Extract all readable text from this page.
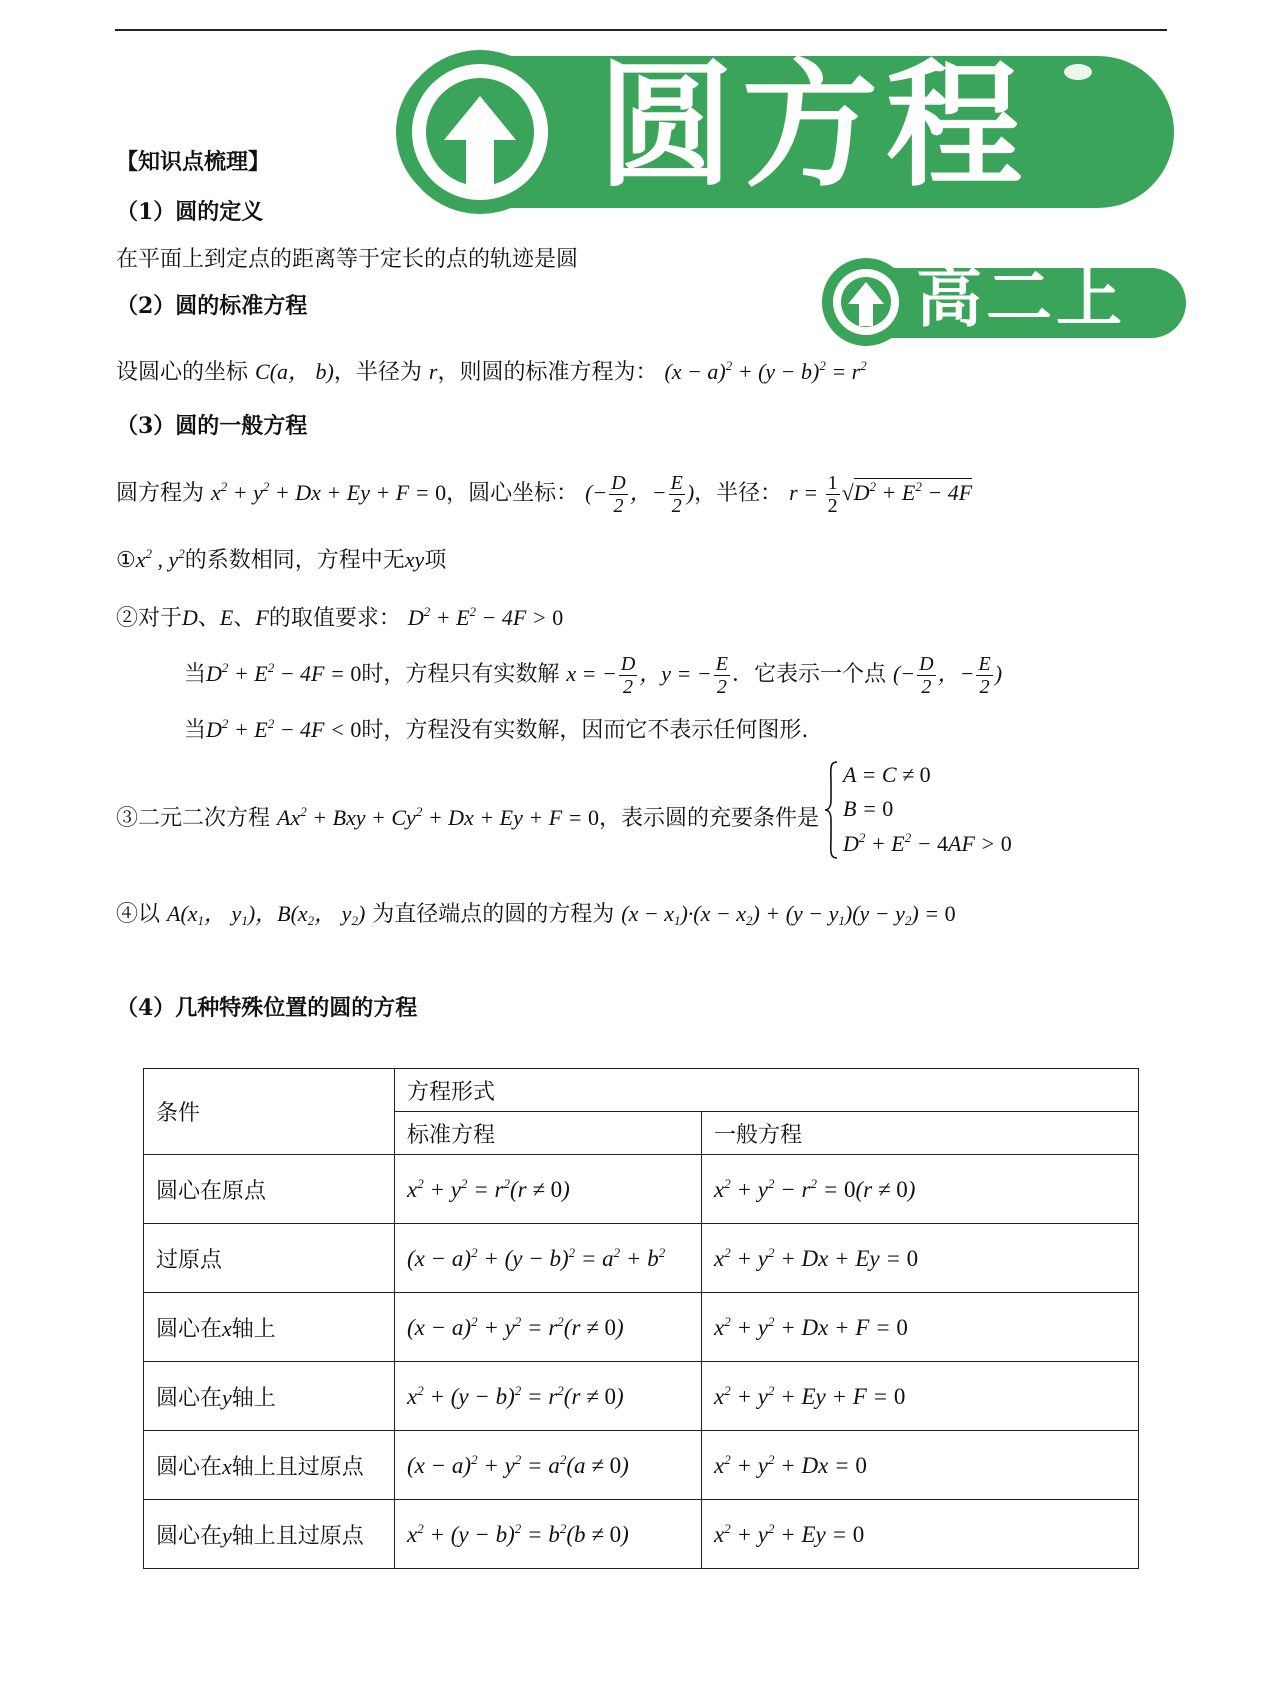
圆方程
高二上
【知识点梳理】
（1）圆的定义
在平面上到定点的距离等于定长的点的轨迹是圆
（2）圆的标准方程
设圆心的坐标 C(a， b)，半径为 r，则圆的标准方程为： $(x - a)^2 + (y - b)^2 = r^2$
（3）圆的一般方程
圆方程为 $x^2 + y^2 + Dx + Ey + F = 0$，圆心坐标： (− $\frac{D}{2}$ ，− $\frac{E}{2}$ )，半径： $r = \frac{1}{2} √D^2 + E^2 - 4F$
$①x^2$ , $y^2$的系数相同，方程中无xy项
②对于D、E、F的取值要求： $D^2 + E^2 - 4F > 0$
当$D^2 + E^2 - 4F = 0$时，方程只有实数解 x = − $\frac{D}{2}$ ，y = − $\frac{E}{2}$ ．它表示一个点 (− $\frac{D}{2}$ ，− $\frac{E}{2}$ )
当$D^2 + E^2 - 4F < 0$时，方程没有实数解，因而它不表示任何图形.
③二元二次方程 $Ax^2$ + Bxy + $Cy^2 + Dx + Ey + F = 0$，表示圆的充要条件是
A = C ≠ 0
B = 0
$D^2 + E^2 - 4AF > 0$
④以 $A(x_1$， $y_1$)，$B(x_2$， $y_2$) 为直径端点的圆的方程为 $(x - x_1)\cdot(x - x_2) + (y - y_1)(y - y_2) = 0$
（4）几种特殊位置的圆的方程
条件	方程形式	
	标准方程	一般方程
圆心在原点	$x^2 + y^2 = r^2(r \ne 0)$	$x^2 + y^2 - r^2 = 0(r \ne 0)$
过原点	$(x - a)^2 + (y - b)^2 = a^2 + b^2$	$x^2 + y^2 + Dx + Ey = 0$
圆心在x轴上	$(x - a)^2 + y^2 = r^2(r \ne 0)$	$x^2 + y^2 + Dx + F = 0$
圆心在y轴上	$x^2 + (y - b)^2 = r^2(r \ne 0)$	$x^2 + y^2 + Ey + F = 0$
圆心在x轴上且过原点	$(x - a)^2 + y^2 = a^2(a \ne 0)$	$x^2 + y^2 + Dx = 0$
圆心在y轴上且过原点	$x^2 + (y - b)^2 = b^2(b \ne 0)$	$x^2 + y^2 + Ey = 0$
